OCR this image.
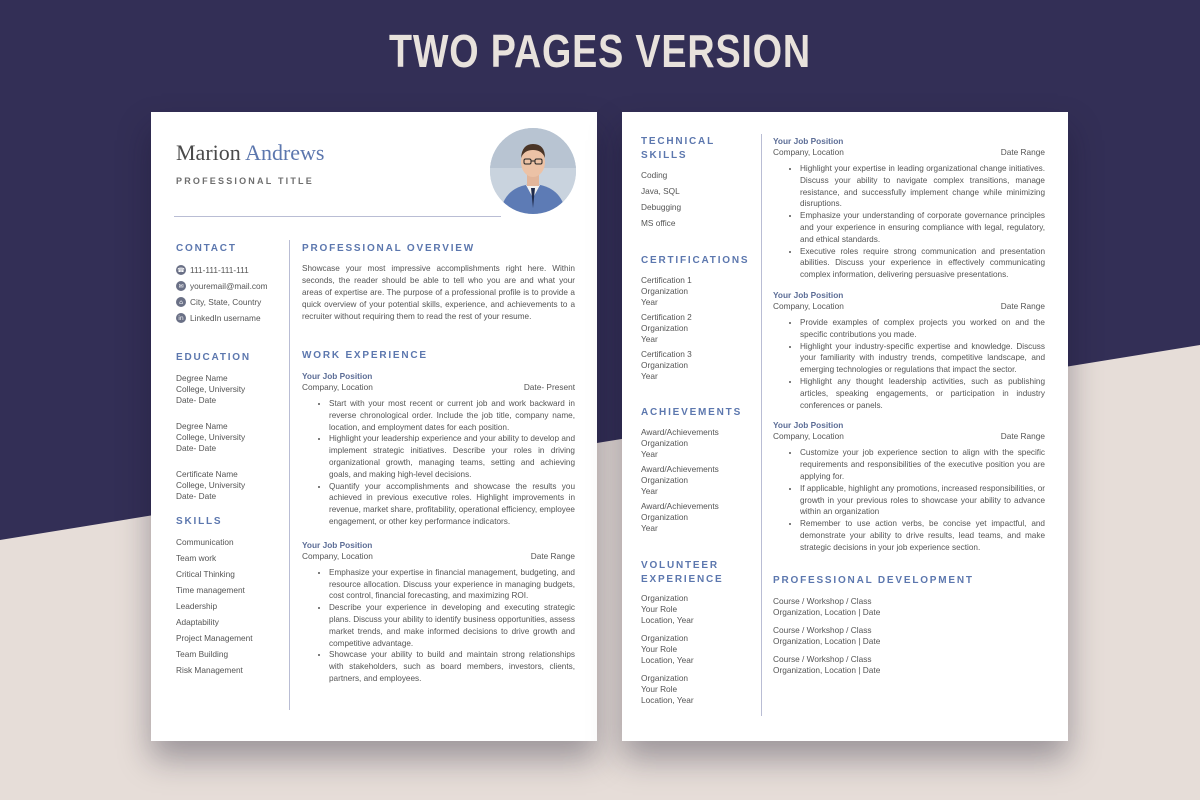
TWO PAGES VERSION
Marion Andrews
PROFESSIONAL TITLE
CONTACT
☎ 111-111-111-111
✉ youremail@mail.com
⌂ City, State, Country
in LinkedIn username
EDUCATION
Degree Name
College, University
Date- Date
Degree Name
College, University
Date- Date
Certificate Name
College, University
Date- Date
SKILLS
Communication
Team work
Critical Thinking
Time management
Leadership
Adaptability
Project Management
Team Building
Risk Management
PROFESSIONAL OVERVIEW
Showcase your most impressive accomplishments right here. Within seconds, the reader should be able to tell who you are and what your areas of expertise are. The purpose of a professional profile is to provide a quick overview of your potential skills, experience, and achievements to a recruiter without requiring them to read the rest of your resume.
WORK EXPERIENCE
Your Job Position
Company, Location	Date- Present
• Start with your most recent or current job and work backward in reverse chronological order. Include the job title, company name, location, and employment dates for each position.
• Highlight your leadership experience and your ability to develop and implement strategic initiatives. Describe your roles in driving organizational growth, managing teams, setting and achieving goals, and making high-level decisions.
• Quantify your accomplishments and showcase the results you achieved in previous executive roles. Highlight improvements in revenue, market share, profitability, operational efficiency, employee engagement, or other key performance indicators.
Your Job Position
Company, Location	Date Range
• Emphasize your expertise in financial management, budgeting, and resource allocation. Discuss your experience in managing budgets, cost control, financial forecasting, and maximizing ROI.
• Describe your experience in developing and executing strategic plans. Discuss your ability to identify business opportunities, assess market trends, and make informed decisions to drive growth and competitive advantage.
• Showcase your ability to build and maintain strong relationships with stakeholders, such as board members, investors, clients, partners, and employees.
TECHNICAL
SKILLS
Coding
Java, SQL
Debugging
MS office
CERTIFICATIONS
Certification 1
Organization
Year
Certification 2
Organization
Year
Certification 3
Organization
Year
ACHIEVEMENTS
Award/Achievements
Organization
Year
Award/Achievements
Organization
Year
Award/Achievements
Organization
Year
VOLUNTEER
EXPERIENCE
Organization
Your Role
Location, Year
Organization
Your Role
Location, Year
Organization
Your Role
Location, Year
Your Job Position
Company, Location	Date Range
• Highlight your expertise in leading organizational change initiatives. Discuss your ability to navigate complex transitions, manage resistance, and successfully implement change while minimizing disruptions.
• Emphasize your understanding of corporate governance principles and your experience in ensuring compliance with legal, regulatory, and ethical standards.
• Executive roles require strong communication and presentation abilities. Discuss your experience in effectively communicating complex information, delivering persuasive presentations.
Your Job Position
Company, Location	Date Range
• Provide examples of complex projects you worked on and the specific contributions you made.
• Highlight your industry-specific expertise and knowledge. Discuss your familiarity with industry trends, competitive landscape, and emerging technologies or regulations that impact the sector.
• Highlight any thought leadership activities, such as publishing articles, speaking engagements, or participation in industry conferences or panels.
Your Job Position
Company, Location	Date Range
• Customize your job experience section to align with the specific requirements and responsibilities of the executive position you are applying for.
• If applicable, highlight any promotions, increased responsibilities, or growth in your previous roles to showcase your ability to advance within an organization
• Remember to use action verbs, be concise yet impactful, and demonstrate your ability to drive results, lead teams, and make strategic decisions in your job experience section.
PROFESSIONAL DEVELOPMENT
Course / Workshop / Class
Organization, Location | Date
Course / Workshop / Class
Organization, Location | Date
Course / Workshop / Class
Organization, Location | Date
